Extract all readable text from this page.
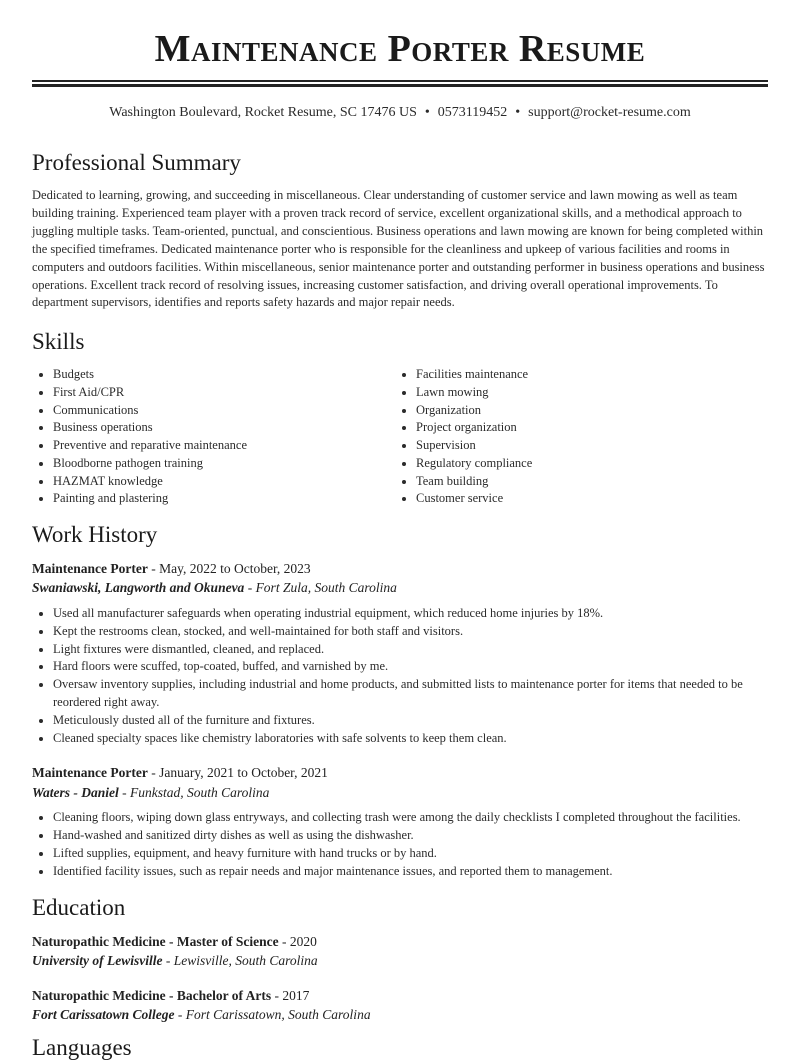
Maintenance Porter Resume
Washington Boulevard, Rocket Resume, SC 17476 US • 0573119452 • support@rocket-resume.com
Professional Summary

Dedicated to learning, growing, and succeeding in miscellaneous. Clear understanding of customer service and lawn mowing as well as team building training. Experienced team player with a proven track record of service, excellent organizational skills, and a methodical approach to juggling multiple tasks. Team-oriented, punctual, and conscientious. Business operations and lawn mowing are known for being completed within the specified timeframes. Dedicated maintenance porter who is responsible for the cleanliness and upkeep of various facilities and rooms in computers and outdoors facilities. Within miscellaneous, senior maintenance porter and outstanding performer in business operations and business operations. Excellent track record of resolving issues, increasing customer satisfaction, and driving overall operational improvements. To department supervisors, identifies and reports safety hazards and major repair needs.

Skills
• Budgets
• First Aid/CPR
• Communications
• Business operations
• Preventive and reparative maintenance
• Bloodborne pathogen training
• HAZMAT knowledge
• Painting and plastering
• Facilities maintenance
• Lawn mowing
• Organization
• Project organization
• Supervision
• Regulatory compliance
• Team building
• Customer service
Work History
Maintenance Porter - May, 2022 to October, 2023
Swaniawski, Langworth and Okuneva - Fort Zula, South Carolina
• Used all manufacturer safeguards when operating industrial equipment, which reduced home injuries by 18%.
• Kept the restrooms clean, stocked, and well-maintained for both staff and visitors.
• Light fixtures were dismantled, cleaned, and replaced.
• Hard floors were scuffed, top-coated, buffed, and varnished by me.
• Oversaw inventory supplies, including industrial and home products, and submitted lists to maintenance porter for items that needed to be reordered right away.
• Meticulously dusted all of the furniture and fixtures.
• Cleaned specialty spaces like chemistry laboratories with safe solvents to keep them clean.
Maintenance Porter - January, 2021 to October, 2021
Waters - Daniel - Funkstad, South Carolina
• Cleaning floors, wiping down glass entryways, and collecting trash were among the daily checklists I completed throughout the facilities.
• Hand-washed and sanitized dirty dishes as well as using the dishwasher.
• Lifted supplies, equipment, and heavy furniture with hand trucks or by hand.
• Identified facility issues, such as repair needs and major maintenance issues, and reported them to management.
Education
Naturopathic Medicine - Master of Science - 2020
University of Lewisville - Lewisville, South Carolina
Naturopathic Medicine - Bachelor of Arts - 2017
Fort Carissatown College - Fort Carissatown, South Carolina
Languages
